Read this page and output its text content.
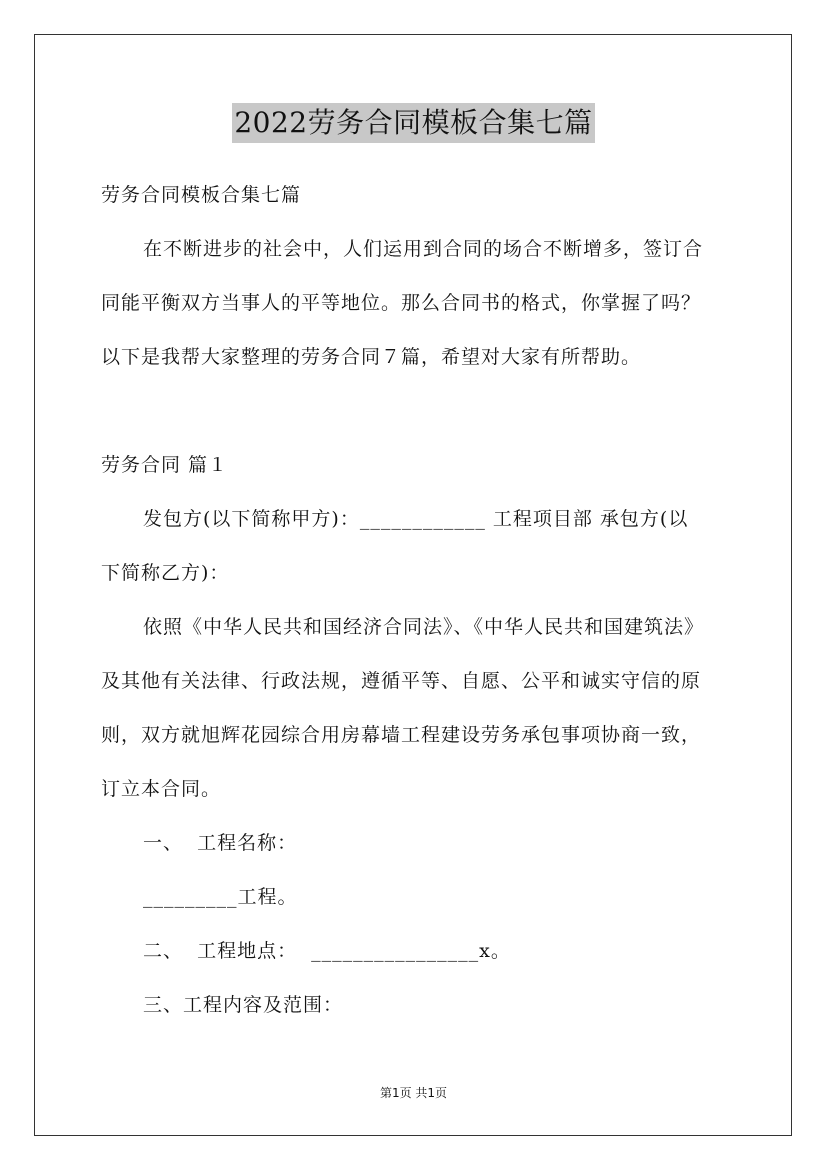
2022劳务合同模板合集七篇
劳务合同模板合集七篇
在不断进步的社会中，人们运用到合同的场合不断增多，签订合
同能平衡双方当事人的平等地位。那么合同书的格式，你掌握了吗？
以下是我帮大家整理的劳务合同７篇，希望对大家有所帮助。
劳务合同 篇１
发包方(以下简称甲方)：____________ 工程项目部 承包方(以
下简称乙方)：
依照《中华人民共和国经济合同法》、《中华人民共和国建筑法》
及其他有关法律、行政法规，遵循平等、自愿、公平和诚实守信的原
则，双方就旭辉花园综合用房幕墙工程建设劳务承包事项协商一致，
订立本合同。
一、  工程名称：
_________工程。
二、  工程地点：  ________________x。
三、工程内容及范围：
第1页 共1页
